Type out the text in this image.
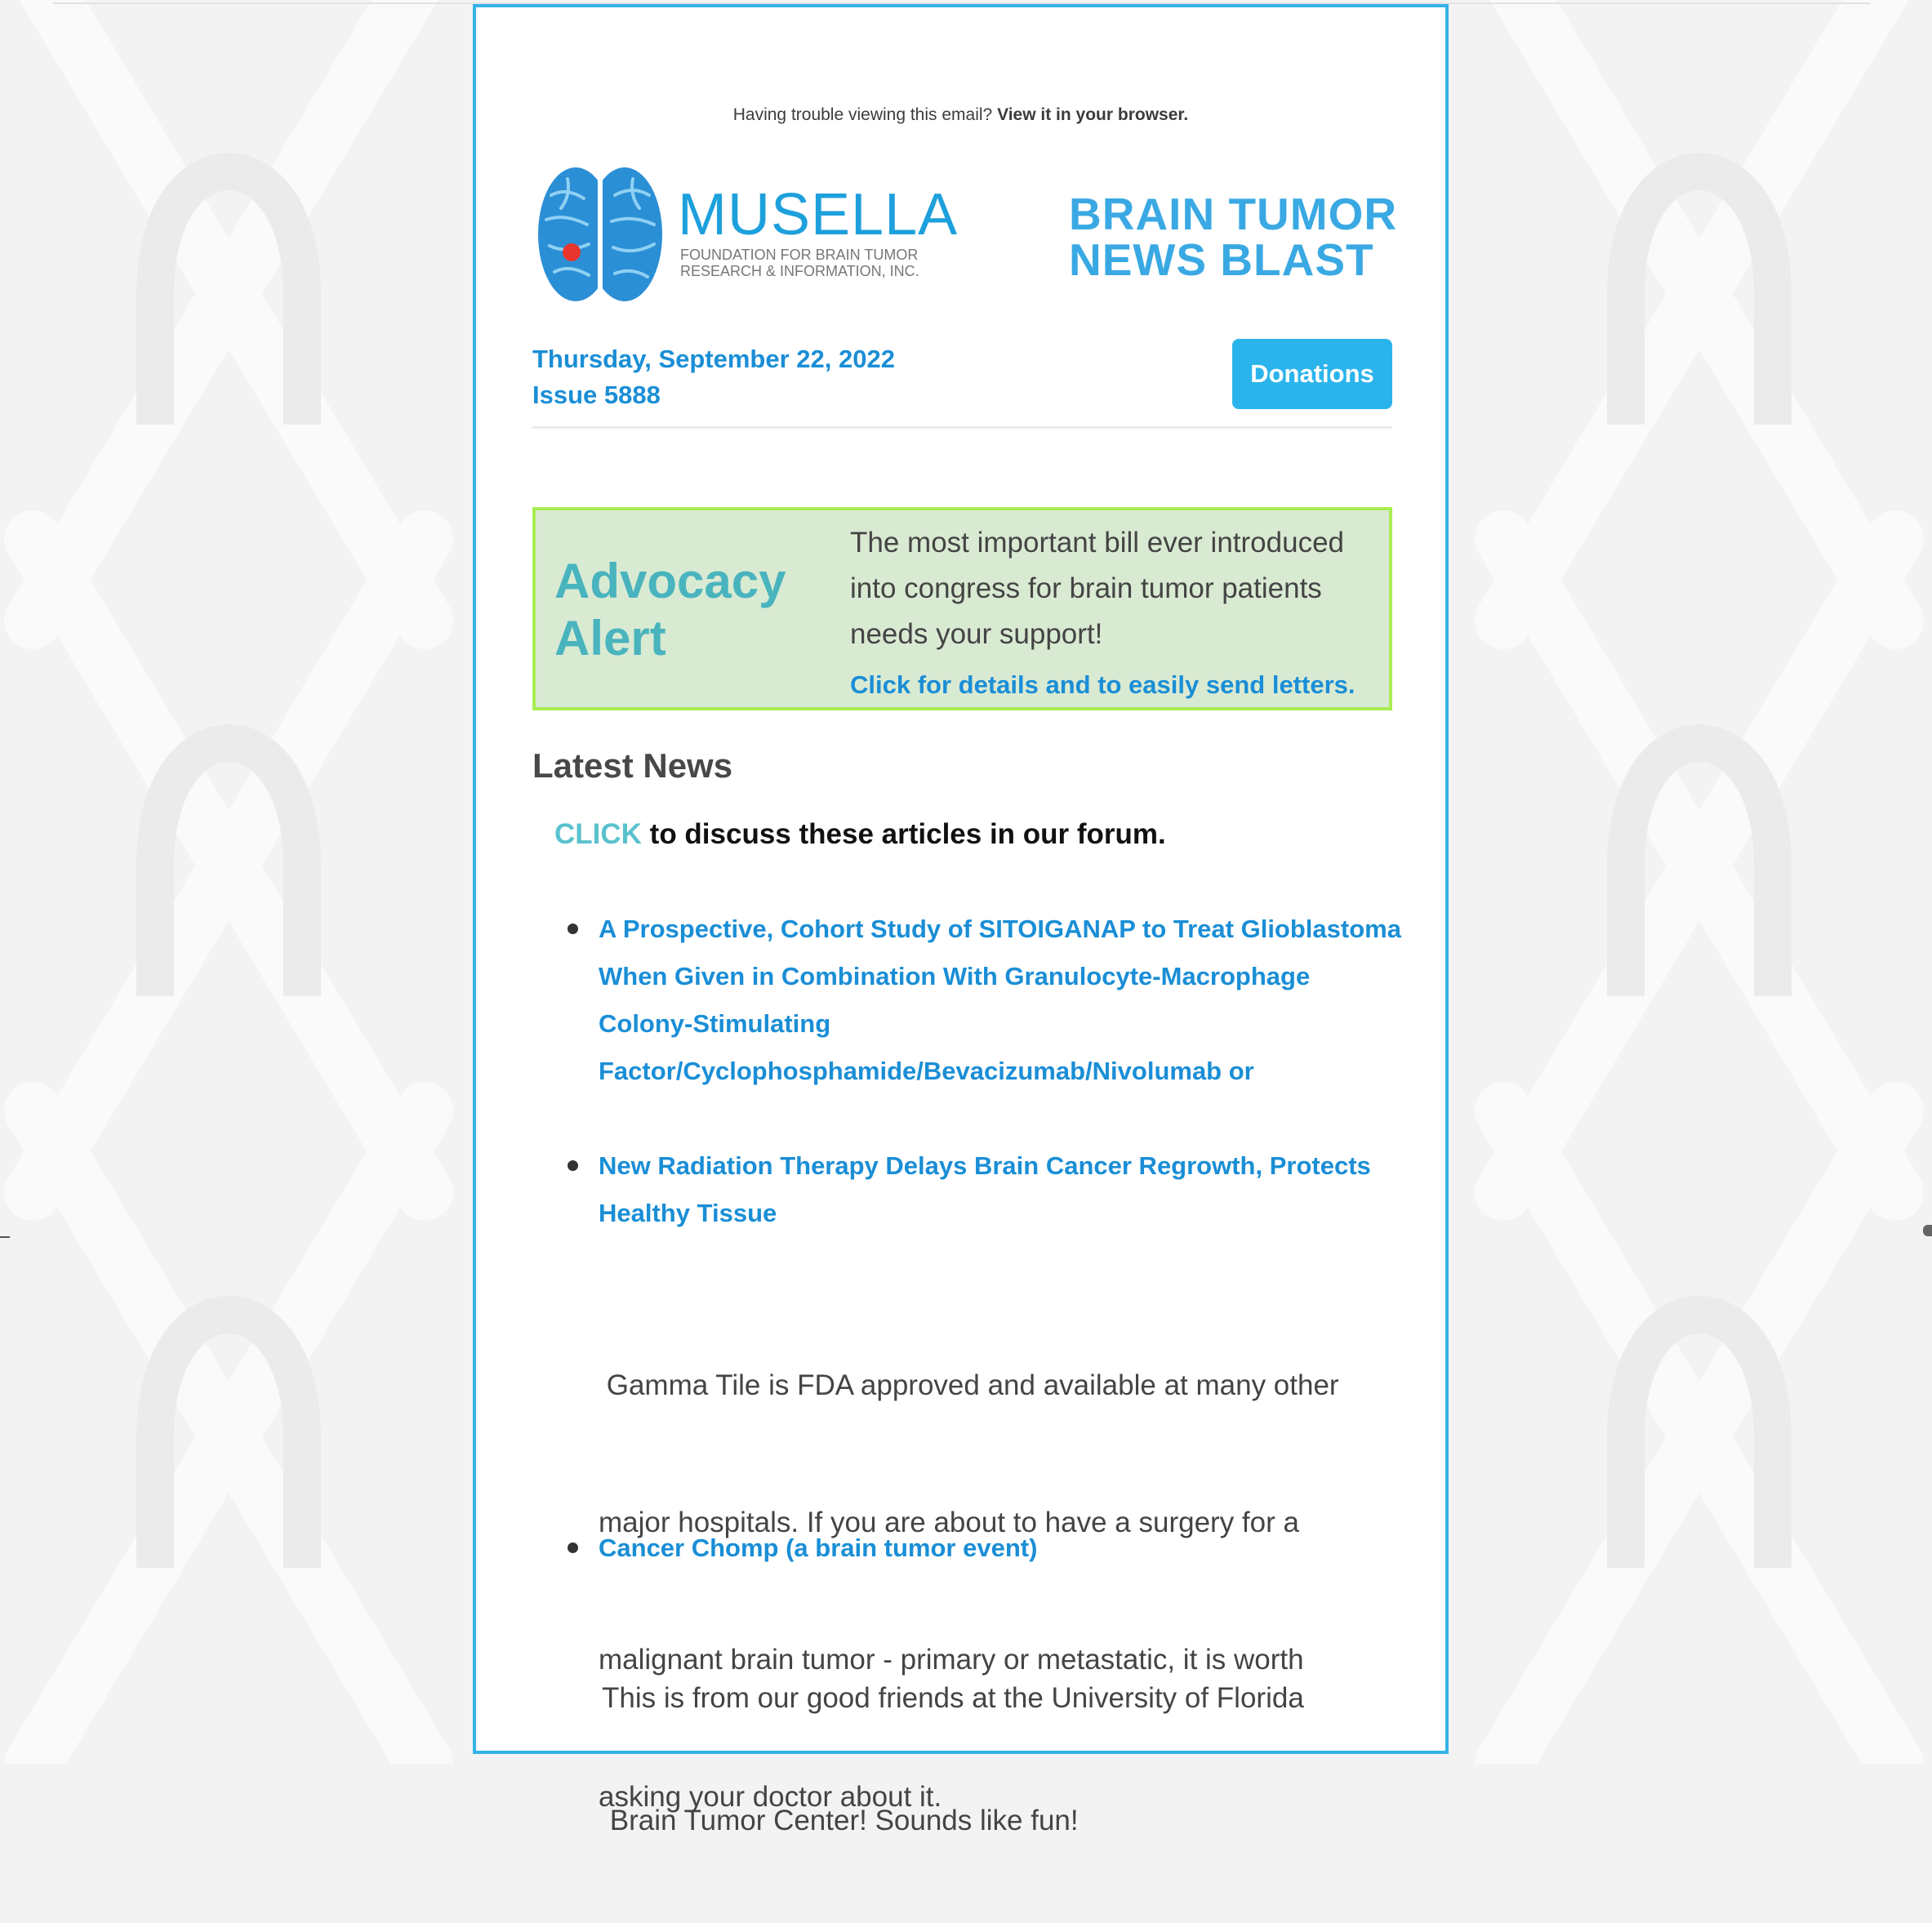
Having trouble viewing this email? View it in your browser.
MUSELLA
FOUNDATION FOR BRAIN TUMOR
RESEARCH & INFORMATION, INC.
BRAIN TUMOR
NEWS BLAST
Thursday, September 22, 2022
Issue 5888
Donations
Advocacy
Alert
The most important bill ever introduced into congress for brain tumor patients needs your support!
Click for details and to easily send letters.
Latest News
CLICK to discuss these articles in our forum.
A Prospective, Cohort Study of SITOIGANAP to Treat Glioblastoma
When Given in Combination With Granulocyte-Macrophage
Colony-Stimulating
Factor/Cyclophosphamide/Bevacizumab/Nivolumab or
New Radiation Therapy Delays Brain Cancer Regrowth, Protects
Healthy Tissue

Gamma Tile is FDA approved and available at many other

major hospitals. If you are about to have a surgery for a

malignant brain tumor - primary or metastatic, it is worth

asking your doctor about it.

Cancer Chomp (a brain tumor event)

This is from our good friends at the University of Florida

Brain Tumor Center! Sounds like fun!
